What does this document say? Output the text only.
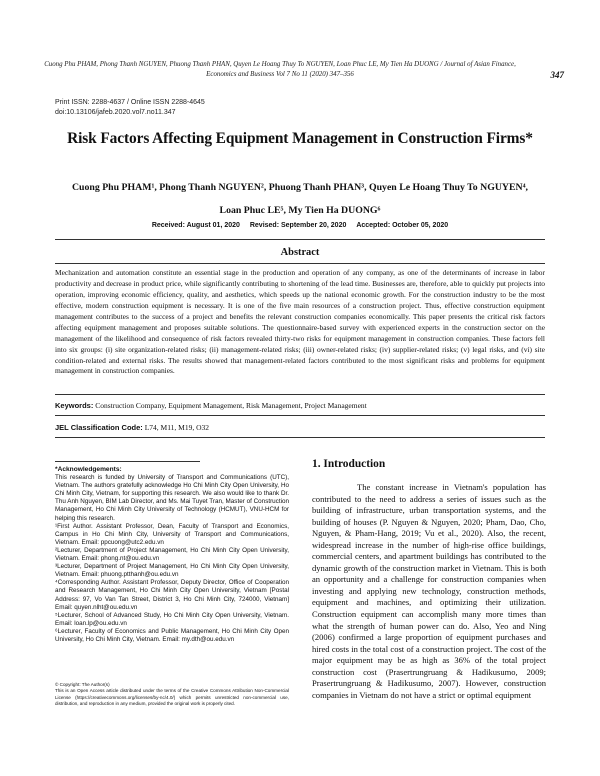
Cuong Phu PHAM, Phong Thanh NGUYEN, Phuong Thanh PHAN, Quyen Le Hoang Thuy To NGUYEN, Loan Phuc LE, My Tien Ha DUONG / Journal of Asian Finance, Economics and Business Vol 7 No 11 (2020) 347–356	347
Print ISSN: 2288-4637 / Online ISSN 2288-4645
doi:10.13106/jafeb.2020.vol7.no11.347
Risk Factors Affecting Equipment Management in Construction Firms*
Cuong Phu PHAM¹, Phong Thanh NGUYEN², Phuong Thanh PHAN³, Quyen Le Hoang Thuy To NGUYEN⁴,
Loan Phuc LE⁵, My Tien Ha DUONG⁶
Received: August 01, 2020 Revised: September 20, 2020 Accepted: October 05, 2020
Abstract

Mechanization and automation constitute an essential stage in the production and operation of any company, as one of the determinants of increase in labor productivity and decrease in product price, while significantly contributing to shortening of the lead time. Businesses are, therefore, able to quickly put projects into operation, improving economic efficiency, quality, and aesthetics, which speeds up the national economic growth. For the construction industry to be the most effective, modern construction equipment is necessary. It is one of the five main resources of a construction project. Thus, effective construction equipment management contributes to the success of a project and benefits the relevant construction companies economically. This paper presents the critical risk factors affecting equipment management and proposes suitable solutions. The questionnaire-based survey with experienced experts in the construction sector on the management of the likelihood and consequence of risk factors revealed thirty-two risks for equipment management in construction companies. These factors fell into six groups: (i) site organization-related risks; (ii) management-related risks; (iii) owner-related risks; (iv) supplier-related risks; (v) legal risks, and (vi) site condition-related and external risks. The results showed that management-related factors contributed to the most significant risks and problems for equipment management in construction companies.

Keywords: Construction Company, Equipment Management, Risk Management, Project Management
JEL Classification Code: L74, M11, M19, O32

*Acknowledgements:

This research is funded by University of Transport and Communications (UTC), Vietnam. The authors gratefully acknowledge Ho Chi Minh City Open University, Ho Chi Minh City, Vietnam, for supporting this research. We also would like to thank Dr. Thu Anh Nguyen, BIM Lab Director, and Ms. Mai Tuyet Tran, Master of Construction Management, Ho Chi Minh City University of Technology (HCMUT), VNU-HCM for helping this research.

¹First Author. Assistant Professor, Dean, Faculty of Transport and Economics, Campus in Ho Chi Minh City, University of Transport and Communications, Vietnam. Email: ppcuong@utc2.edu.vn

²Lecturer, Department of Project Management, Ho Chi Minh City Open University, Vietnam. Email: phong.nt@ou.edu.vn

³Lecturer, Department of Project Management, Ho Chi Minh City Open University, Vietnam. Email: phuong.ptthanh@ou.edu.vn

⁴Corresponding Author. Assistant Professor, Deputy Director, Office of Cooperation and Research Management, Ho Chi Minh City Open University, Vietnam [Postal Address: 97, Vo Van Tan Street, District 3, Ho Chi Minh City, 724000, Vietnam] Email: quyen.nlht@ou.edu.vn

⁵Lecturer, School of Advanced Study, Ho Chi Minh City Open University, Vietnam. Email: loan.lp@ou.edu.vn

⁶Lecturer, Faculty of Economics and Public Management, Ho Chi Minh City Open University, Ho Chi Minh City, Vietnam. Email: my.dth@ou.edu.vn

© Copyright: The Author(s)

This is an Open Access article distributed under the terms of the Creative Commons Attribution Non-Commercial License (https://creativecommons.org/licenses/by-nc/4.0/) which permits unrestricted non-commercial use, distribution, and reproduction in any medium, provided the original work is properly cited.

1. Introduction

The constant increase in Vietnam's population has contributed to the need to address a series of issues such as the building of infrastructure, urban transportation systems, and the building of houses (P. Nguyen & Nguyen, 2020; Pham, Dao, Cho, Nguyen, & Pham-Hang, 2019; Vu et al., 2020). Also, the recent, widespread increase in the number of high-rise office buildings, commercial centers, and apartment buildings has contributed to the dynamic growth of the construction market in Vietnam. This is both an opportunity and a challenge for construction companies when investing and applying new technology, construction methods, equipment and machines, and optimizing their utilization. Construction equipment can accomplish many more times than what the strength of human power can do. Also, Yeo and Ning (2006) confirmed a large proportion of equipment purchases and hired costs in the total cost of a construction project. The cost of the major equipment may be as high as 36% of the total project construction cost (Prasertrungruang & Hadikusumo, 2009; Prasertrungruang & Hadikusumo, 2007). However, construction companies in Vietnam do not have a strict or optimal equipment
